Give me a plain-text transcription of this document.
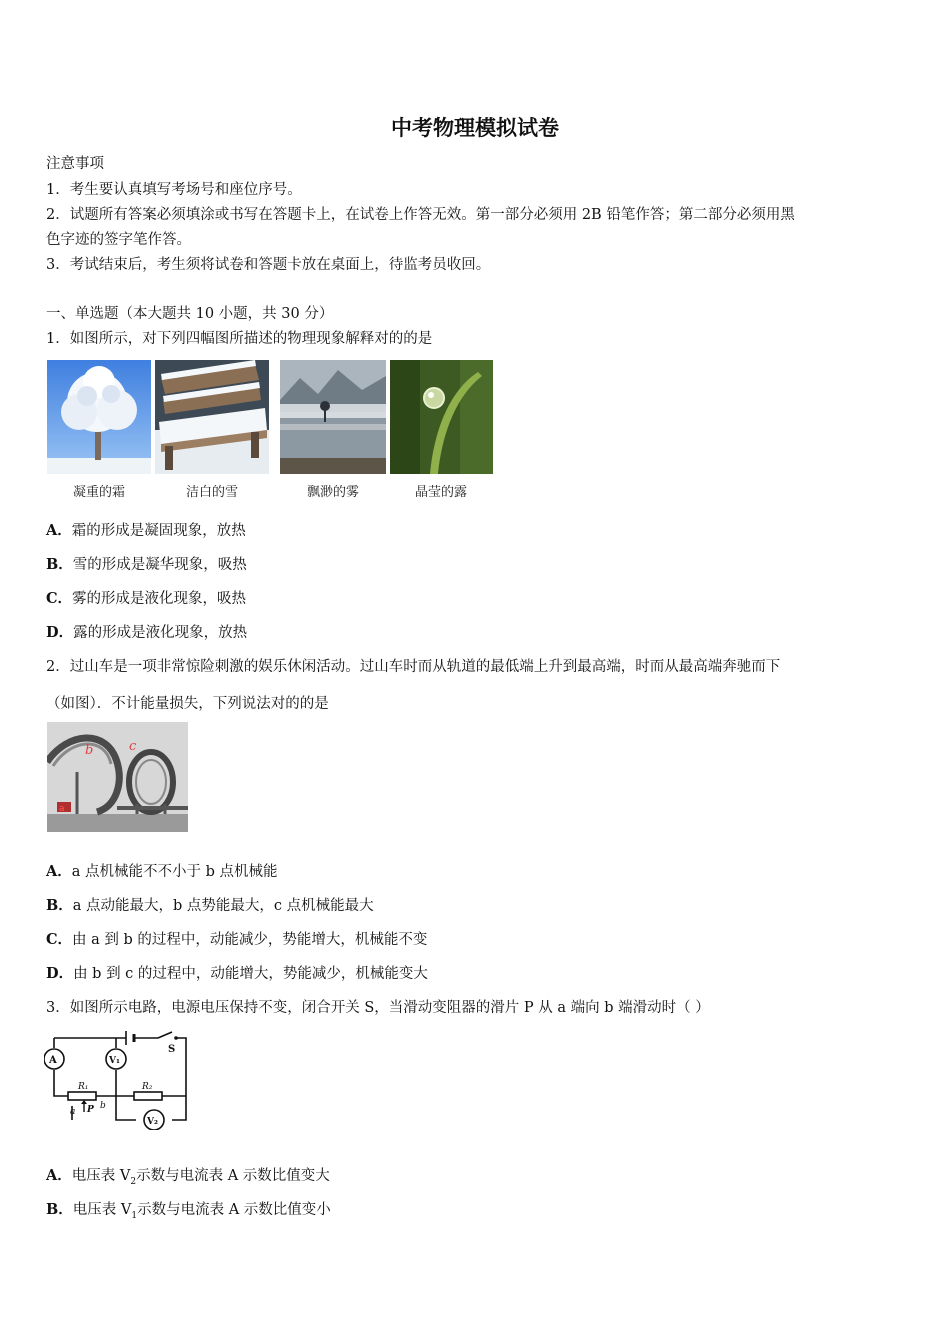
中考物理模拟试卷
注意事项
1．考生要认真填写考场号和座位序号。
2．试题所有答案必须填涂或书写在答题卡上，在试卷上作答无效。第一部分必须用 2B 铅笔作答；第二部分必须用黑
色字迹的签字笔作答。
3．考试结束后，考生须将试卷和答题卡放在桌面上，待监考员收回。
一、单选题（本大题共 10 小题，共 30 分）
1．如图所示，对下列四幅图所描述的物理现象解释对的的是
凝重的霜	洁白的雪	飘渺的雾	晶莹的露
A．霜的形成是凝固现象，放热
B．雪的形成是凝华现象，吸热
C．雾的形成是液化现象，吸热
D．露的形成是液化现象，放热
2．过山车是一项非常惊险刺激的娱乐休闲活动。过山车时而从轨道的最低端上升到最高端，时而从最高端奔驰而下
（如图）．不计能量损失，下列说法对的的是
a
b	c
A．a 点机械能不不小于 b 点机械能
B．a 点动能最大，b 点势能最大，c 点机械能最大
C．由 a 到 b 的过程中，动能减少，势能增大，机械能不变
D．由 b 到 c 的过程中，动能增大，势能减少，机械能变大
3．如图所示电路，电源电压保持不变，闭合开关 S，当滑动变阻器的滑片 P 从 a 端向 b 端滑动时（ ）
A	V₁
V₂
S
R₁	R₂
a
b
P
A．电压表 $V_2$示数与电流表 A 示数比值变大
B．电压表 $V_1$示数与电流表 A 示数比值变小
